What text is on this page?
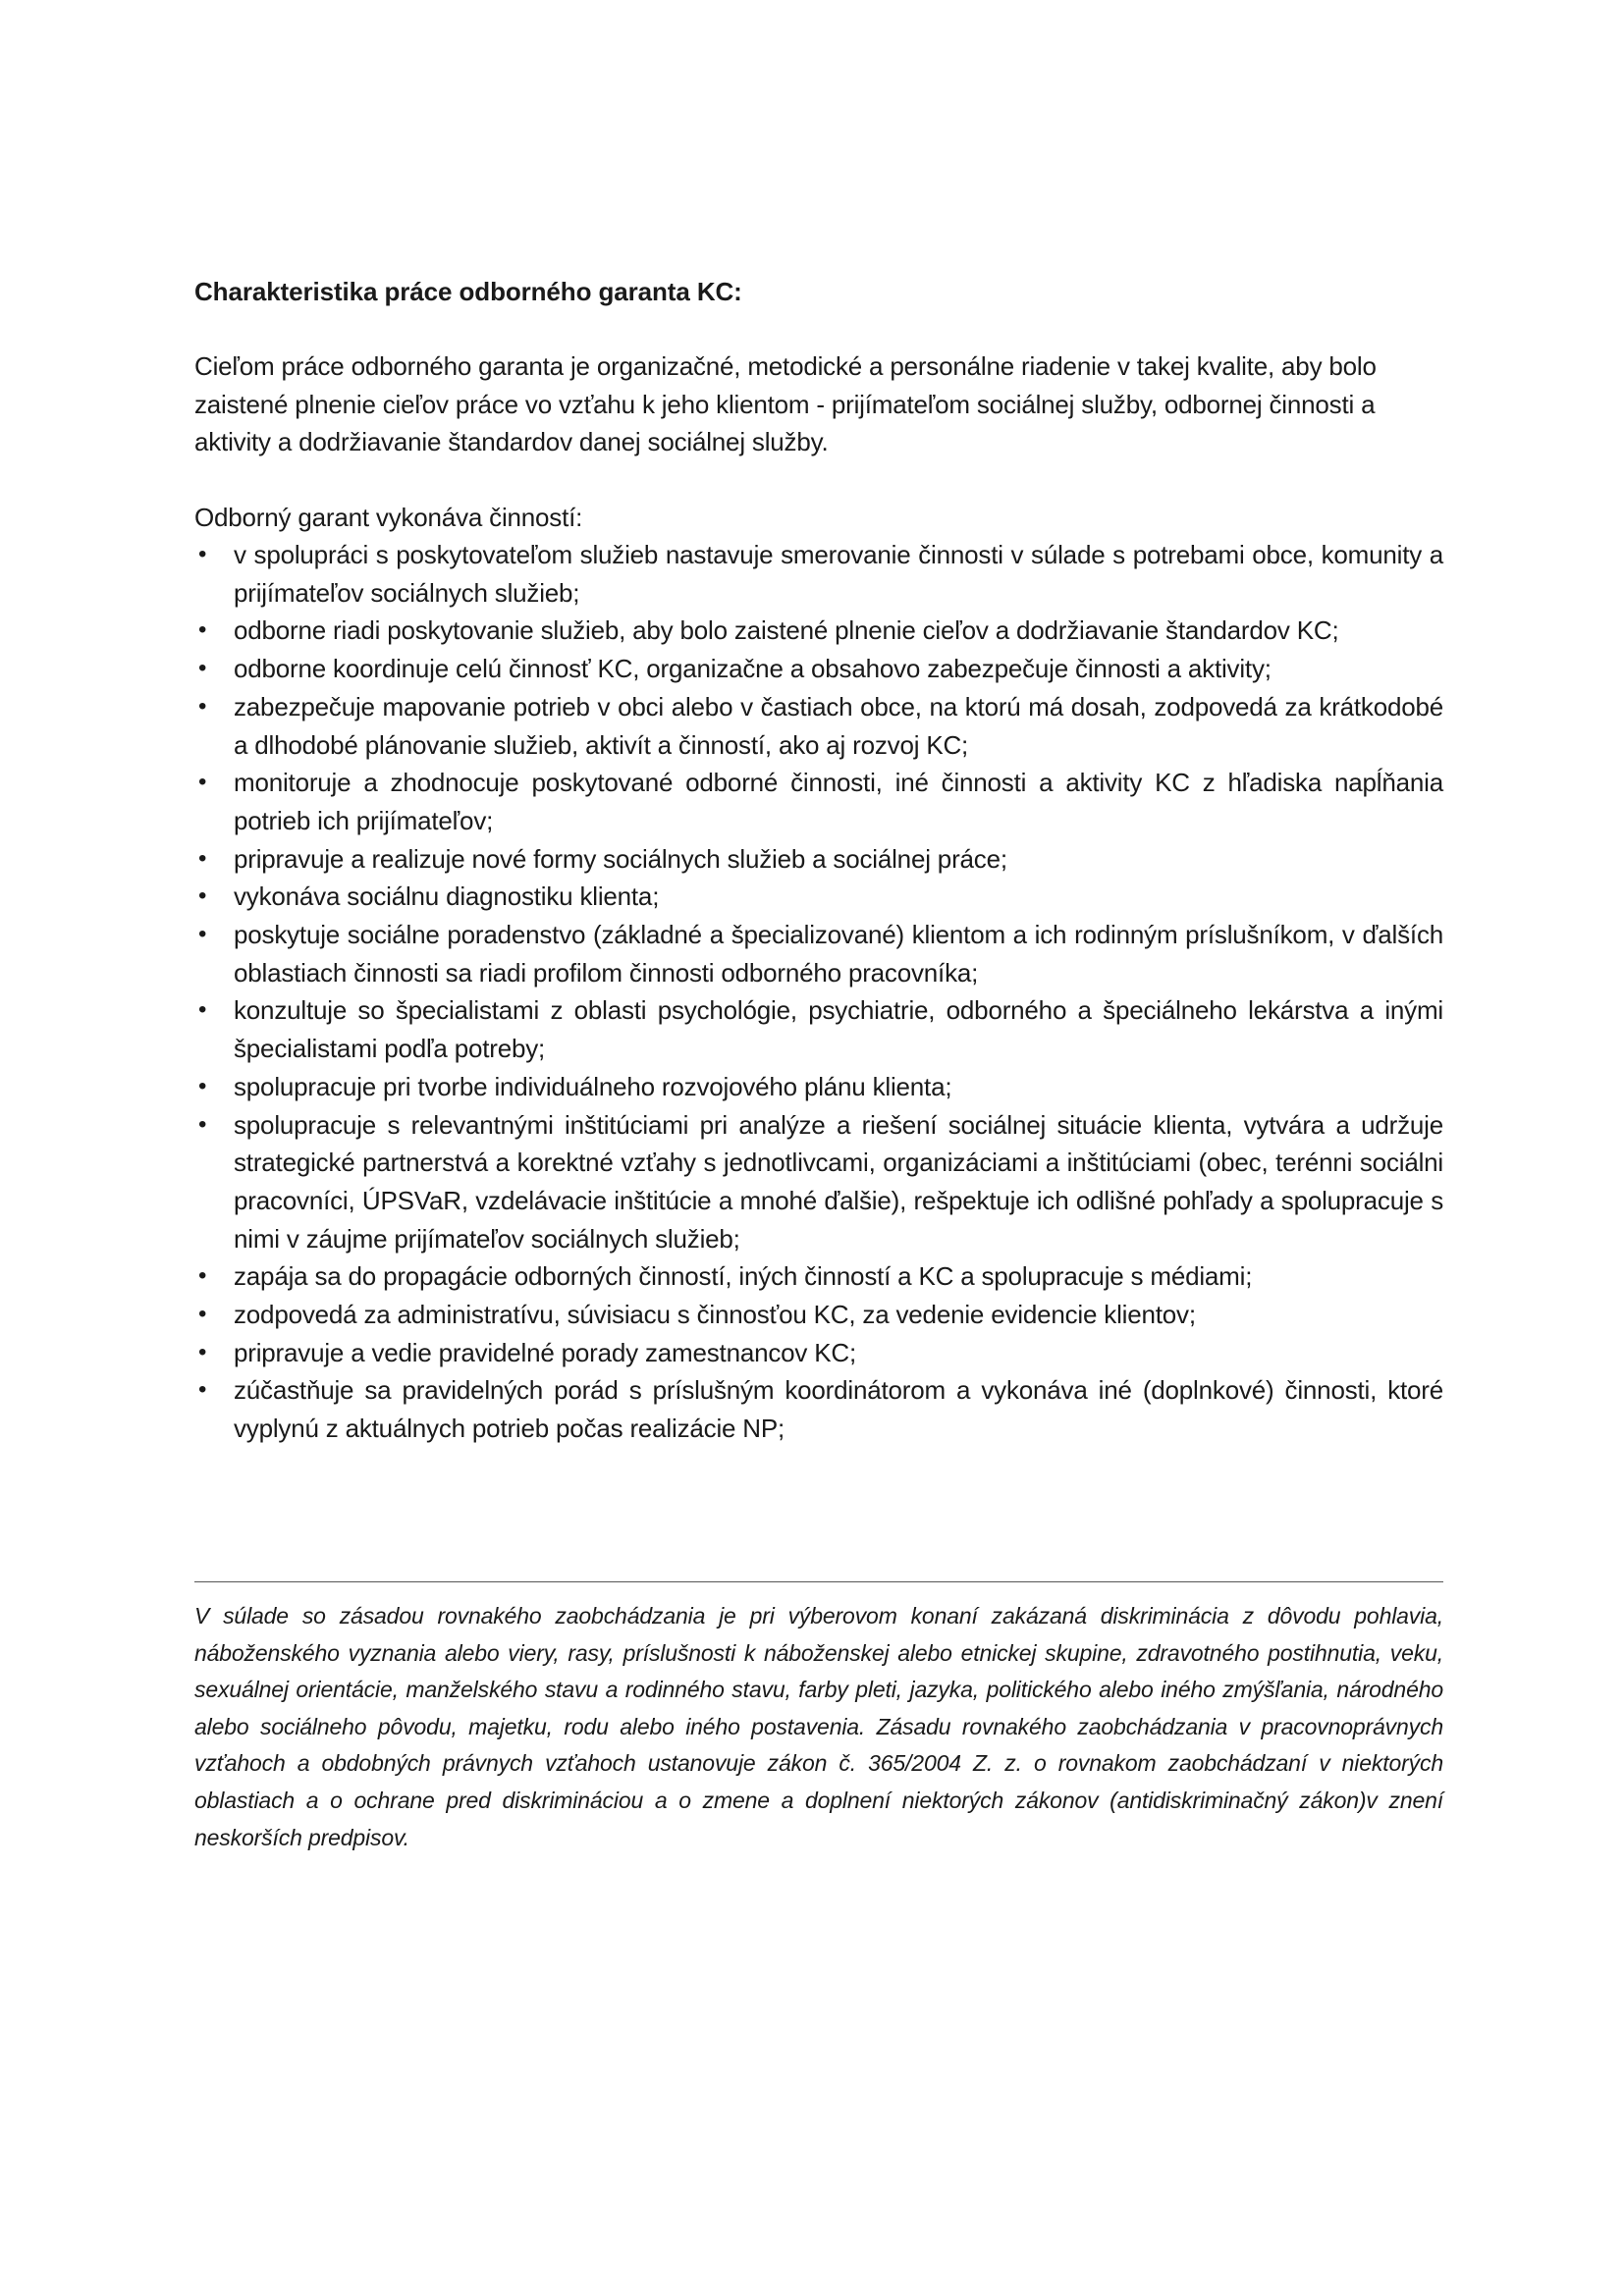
Charakteristika práce odborného garanta KC:
Cieľom práce odborného garanta je organizačné, metodické a personálne riadenie v takej kvalite, aby bolo zaistené plnenie cieľov práce vo vzťahu k jeho klientom - prijímateľom sociálnej služby, odbornej činnosti a aktivity a dodržiavanie štandardov danej sociálnej služby.
Odborný garant vykonáva činností:
• v spolupráci s poskytovateľom služieb nastavuje smerovanie činnosti v súlade s potrebami obce, komunity a prijímateľov sociálnych služieb;
• odborne riadi poskytovanie služieb, aby bolo zaistené plnenie cieľov a dodržiavanie štandardov KC;
• odborne koordinuje celú činnosť KC, organizačne a obsahovo zabezpečuje činnosti a aktivity;
• zabezpečuje mapovanie potrieb v obci alebo v častiach obce, na ktorú má dosah, zodpovedá za krátkodobé a dlhodobé plánovanie služieb, aktivít a činností, ako aj rozvoj KC;
• monitoruje a zhodnocuje poskytované odborné činnosti, iné činnosti a aktivity KC z hľadiska napĺňania potrieb ich prijímateľov;
• pripravuje a realizuje nové formy sociálnych služieb a sociálnej práce;
• vykonáva sociálnu diagnostiku klienta;
• poskytuje sociálne poradenstvo (základné a špecializované) klientom a ich rodinným príslušníkom, v ďalších oblastiach činnosti sa riadi profilom činnosti odborného pracovníka;
• konzultuje so špecialistami z oblasti psychológie, psychiatrie, odborného a špeciálneho lekárstva a inými špecialistami podľa potreby;
• spolupracuje pri tvorbe individuálneho rozvojového plánu klienta;
• spolupracuje s relevantnými inštitúciami pri analýze a riešení sociálnej situácie klienta, vytvára a udržuje strategické partnerstvá a korektné vzťahy s jednotlivcami, organizáciami a inštitúciami (obec, terénni sociálni pracovníci, ÚPSVaR, vzdelávacie inštitúcie a mnohé ďalšie), rešpektuje ich odlišné pohľady a spolupracuje s nimi v záujme prijímateľov sociálnych služieb;
• zapája sa do propagácie odborných činností, iných činností a KC a spolupracuje s médiami;
• zodpovedá za administratívu, súvisiacu s činnosťou KC, za vedenie evidencie klientov;
• pripravuje a vedie pravidelné porady zamestnancov KC;
• zúčastňuje sa pravidelných porád s príslušným koordinátorom a vykonáva iné (doplnkové) činnosti, ktoré vyplynú z aktuálnych potrieb počas realizácie NP;
V súlade so zásadou rovnakého zaobchádzania je pri výberovom konaní zakázaná diskriminácia z dôvodu pohlavia, náboženského vyznania alebo viery, rasy, príslušnosti k náboženskej alebo etnickej skupine, zdravotného postihnutia, veku, sexuálnej orientácie, manželského stavu a rodinného stavu, farby pleti, jazyka, politického alebo iného zmýšľania, národného alebo sociálneho pôvodu, majetku, rodu alebo iného postavenia. Zásadu rovnakého zaobchádzania v pracovnoprávnych vzťahoch a obdobných právnych vzťahoch ustanovuje zákon č. 365/2004 Z. z. o rovnakom zaobchádzaní v niektorých oblastiach a o ochrane pred diskrimináciou a o zmene a doplnení niektorých zákonov (antidiskriminačný zákon)v znení neskorších predpisov.
